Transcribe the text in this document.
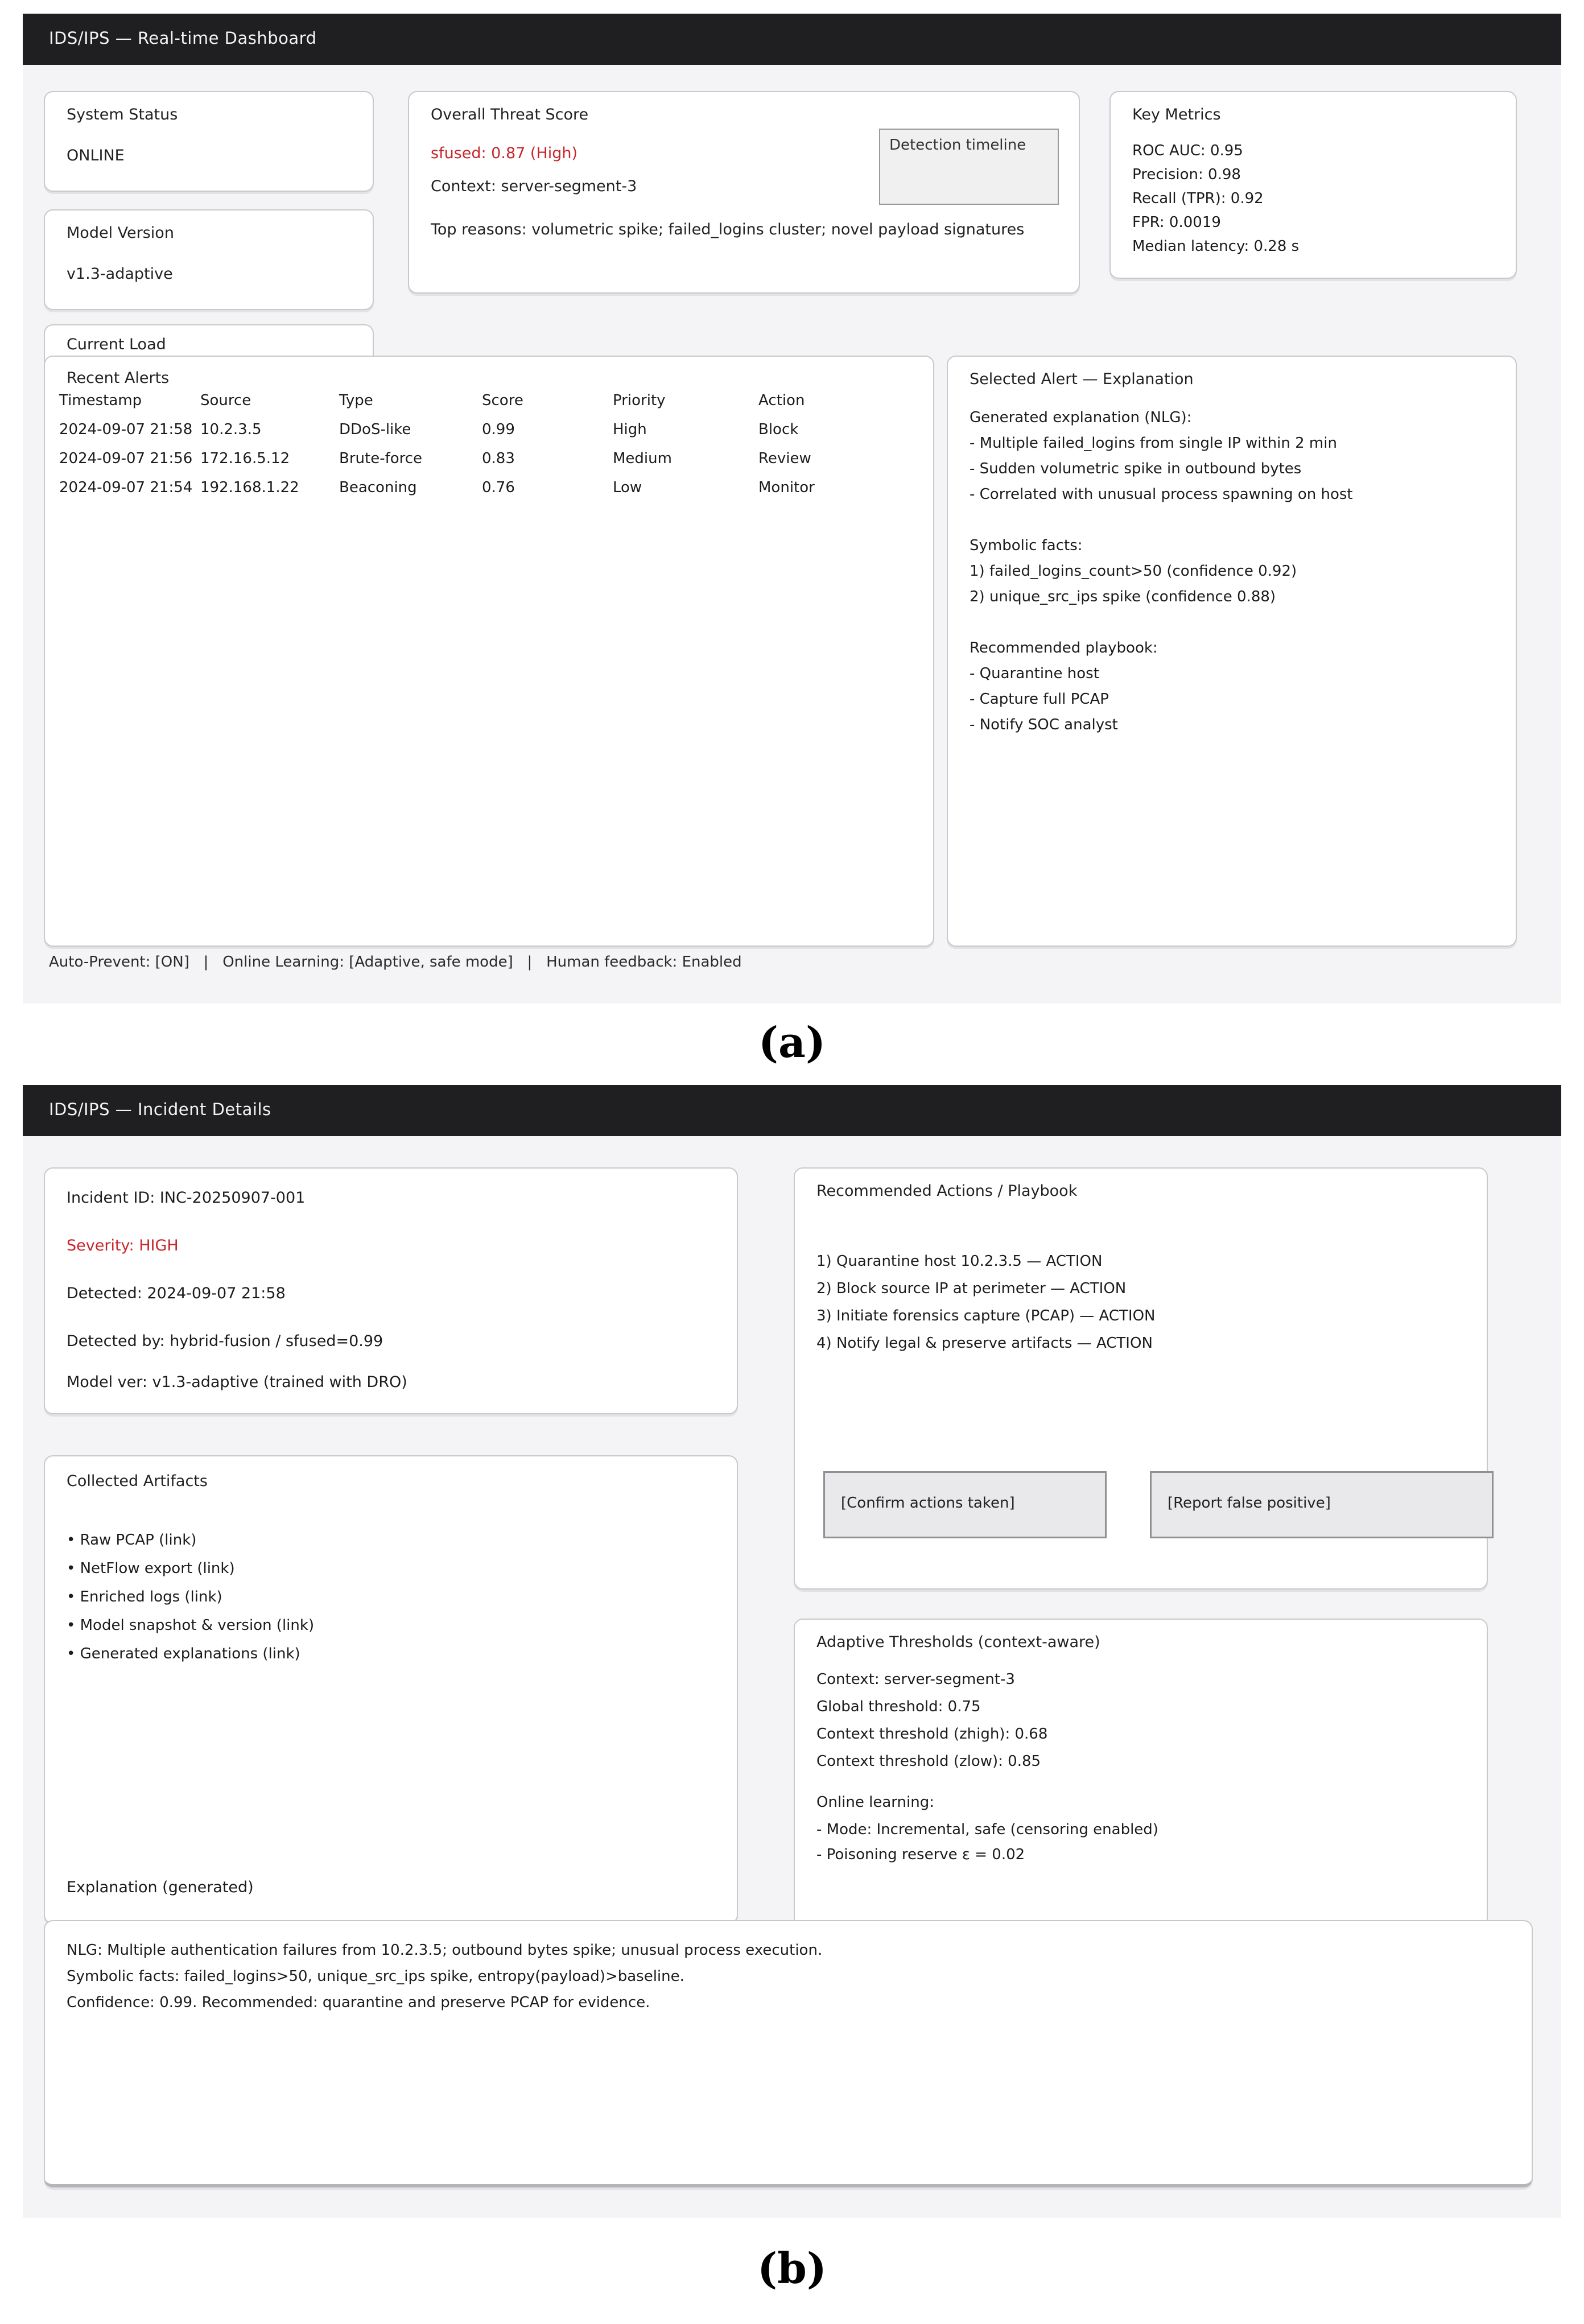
IDS/IPS — Real-time Dashboard
System Status
ONLINE
Overall Threat Score
sfused: 0.87 (High)
Context: server-segment-3
Top reasons: volumetric spike; failed_logins cluster; novel payload signatures
Detection timeline
Key Metrics
ROC AUC: 0.95
Precision: 0.98
Recall (TPR): 0.92
FPR: 0.0019
Median latency: 0.28 s
Model Version
v1.3-adaptive
Current Load
Recent Alerts
Timestamp	Source	Type	Score	Priority	Action
2024-09-07 21:58 10.2.3.5	DDoS-like	0.99	High	Block
2024-09-07 21:56 172.16.5.12	Brute-force	0.83	Medium	Review
2024-09-07 21:54 192.168.1.22	Beaconing	0.76	Low	Monitor
Selected Alert — Explanation
Generated explanation (NLG):
- Multiple failed_logins from single IP within 2 min
- Sudden volumetric spike in outbound bytes
- Correlated with unusual process spawning on host
Symbolic facts:
1) failed_logins_count>50 (confidence 0.92)
2) unique_src_ips spike (confidence 0.88)
Recommended playbook:
- Quarantine host
- Capture full PCAP
- Notify SOC analyst
Auto-Prevent: [ON]   |   Online Learning: [Adaptive, safe mode]   |   Human feedback: Enabled
(a)
IDS/IPS — Incident Details
Incident ID: INC-20250907-001
Severity: HIGH
Detected: 2024-09-07 21:58
Detected by: hybrid-fusion / sfused=0.99
Model ver: v1.3-adaptive (trained with DRO)
Recommended Actions / Playbook
1) Quarantine host 10.2.3.5 — ACTION
2) Block source IP at perimeter — ACTION
3) Initiate forensics capture (PCAP) — ACTION
4) Notify legal & preserve artifacts — ACTION
[Confirm actions taken]	[Report false positive]
Collected Artifacts
• Raw PCAP (link)
• NetFlow export (link)
• Enriched logs (link)
• Model snapshot & version (link)
• Generated explanations (link)
Explanation (generated)
Adaptive Thresholds (context-aware)
Context: server-segment-3
Global threshold: 0.75
Context threshold (zhigh): 0.68
Context threshold (zlow): 0.85
Online learning:
- Mode: Incremental, safe (censoring enabled)
- Poisoning reserve ε = 0.02
NLG: Multiple authentication failures from 10.2.3.5; outbound bytes spike; unusual process execution.
Symbolic facts: failed_logins>50, unique_src_ips spike, entropy(payload)>baseline.
Confidence: 0.99. Recommended: quarantine and preserve PCAP for evidence.
(b)
